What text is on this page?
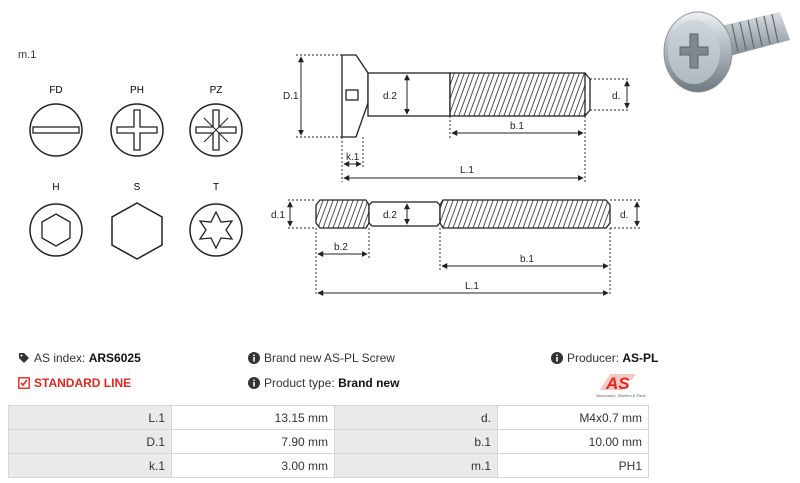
m.1
FD	PH	PZ
H	S	T
D.1	d.2	d.
b.1
k.1
L.1
d.1	d.2	d.
b.2
b.1
L.1
AS index: ARS6025	Brand new AS-PL Screw	Producer: AS-PL
STANDARD LINE	Product type: Brand new	AS
Alternators, Starters & Parts
L.1	13.15 mm	d.	M4x0.7 mm
D.1	7.90 mm	b.1	10.00 mm
k.1	3.00 mm	m.1	PH1
